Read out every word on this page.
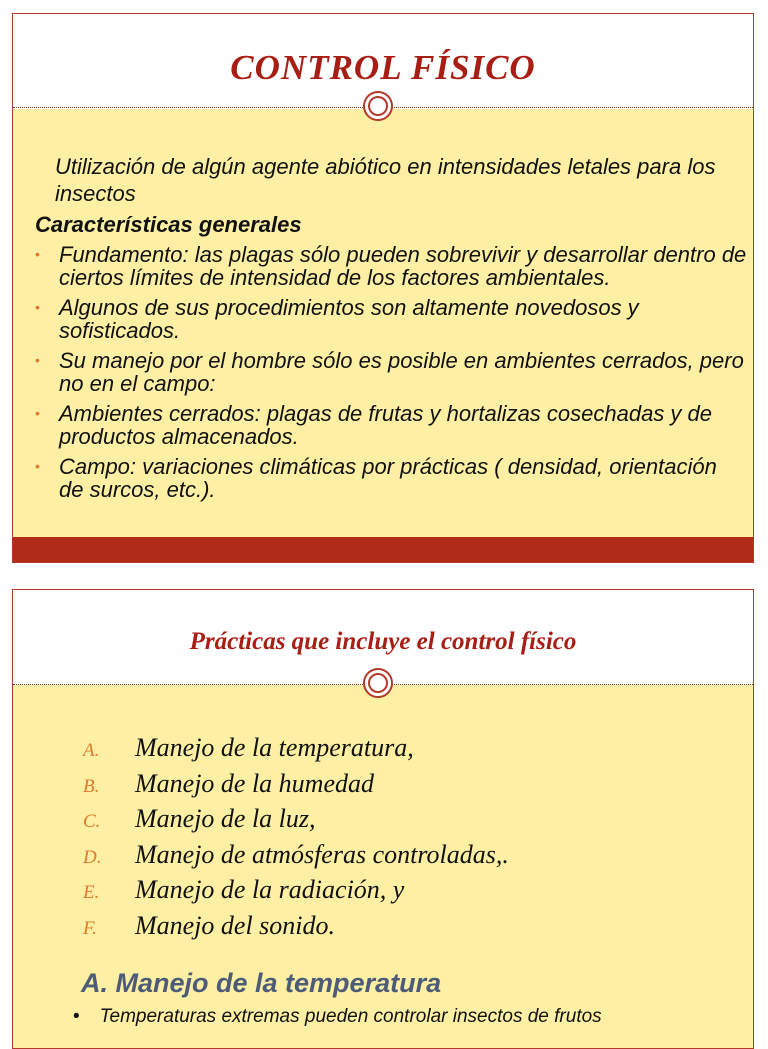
CONTROL FÍSICO

Utilización de algún agente abiótico en intensidades letales para los insectos

Características generales

• Fundamento: las plagas sólo pueden sobrevivir y desarrollar dentro de ciertos límites de intensidad de los factores ambientales.
• Algunos de sus procedimientos son altamente novedosos y sofisticados.
• Su manejo por el hombre sólo es posible en ambientes cerrados, pero no en el campo:
• Ambientes cerrados: plagas de frutas y hortalizas cosechadas y de productos almacenados.
• Campo: variaciones climáticas por prácticas ( densidad, orientación de surcos, etc.).
Prácticas que incluye el control físico
A. Manejo de la temperatura,
B. Manejo de la humedad
C. Manejo de la luz,
D. Manejo de atmósferas controladas,.
E. Manejo de la radiación, y
F. Manejo del sonido.
A. Manejo de la temperatura

• Temperaturas extremas pueden controlar insectos de frutos
